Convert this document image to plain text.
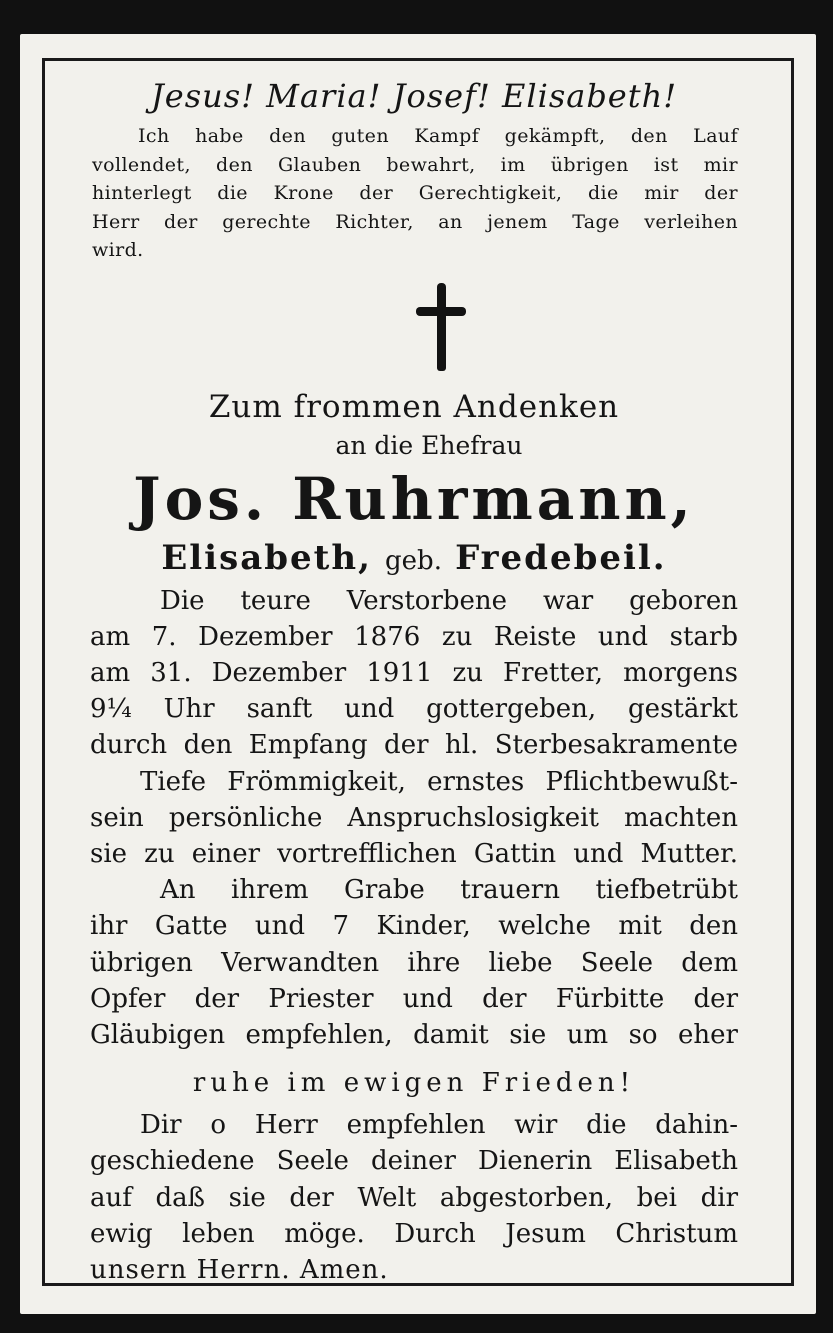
Jesus! Maria! Josef! Elisabeth!
Ich habe den guten Kampf gekämpft, den Lauf
vollendet, den Glauben bewahrt, im übrigen ist mir
hinterlegt die Krone der Gerechtigkeit, die mir der
Herr der gerechte Richter, an jenem Tage verleihen
wird.
Zum frommen Andenken
an die Ehefrau
Jos. Ruhrmann,
Elisabeth, geb. Fredebeil.
Die teure Verstorbene war geboren
am 7. Dezember 1876 zu Reiste und starb
am 31. Dezember 1911 zu Fretter, morgens
9¼ Uhr sanft und gottergeben, gestärkt
durch den Empfang der hl. Sterbesakramente
Tiefe Frömmigkeit, ernstes Pflichtbewußt-
sein persönliche Anspruchslosigkeit machten
sie zu einer vortrefflichen Gattin und Mutter.
An ihrem Grabe trauern tiefbetrübt
ihr Gatte und 7 Kinder, welche mit den
übrigen Verwandten ihre liebe Seele dem
Opfer der Priester und der Fürbitte der
Gläubigen empfehlen, damit sie um so eher
ruhe im ewigen Frieden!
Dir o Herr empfehlen wir die dahin-
geschiedene Seele deiner Dienerin Elisabeth
auf daß sie der Welt abgestorben, bei dir
ewig leben möge. Durch Jesum Christum
unsern Herrn. Amen.
